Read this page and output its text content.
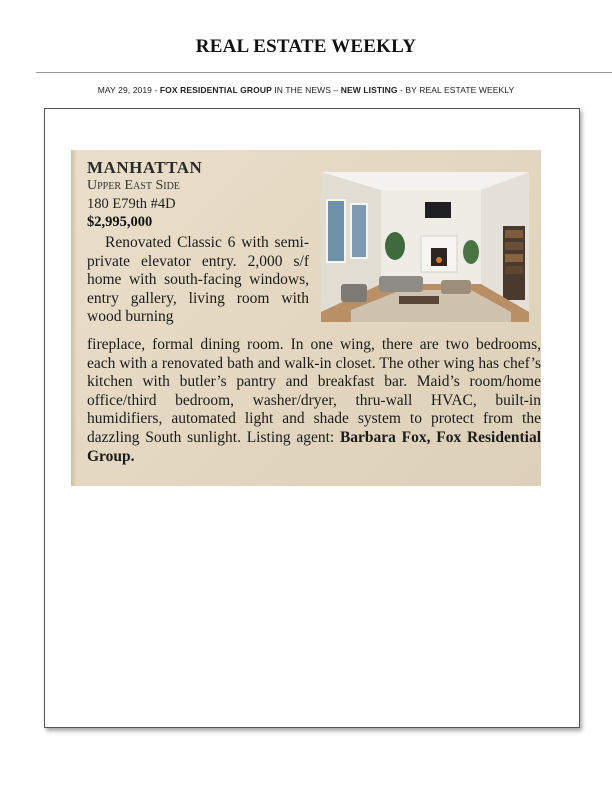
REAL ESTATE WEEKLY
MAY 29, 2019 - FOX RESIDENTIAL GROUP IN THE NEWS – NEW LISTING - BY REAL ESTATE WEEKLY
MANHATTAN
Upper East Side
180 E79th #4D
$2,995,000
Renovated Classic 6 with semi-private elevator entry. 2,000 s/f home with south-facing windows, entry gallery, living room with wood burning
fireplace, formal dining room. In one wing, there are two bedrooms, each with a renovated bath and walk-in closet. The other wing has chef’s kitchen with butler’s pantry and breakfast bar. Maid’s room/home office/third bedroom, washer/dryer, thru-wall HVAC, built-in humidifiers, automated light and shade system to protect from the dazzling South sunlight. Listing agent: Barbara Fox, Fox Residential Group.
